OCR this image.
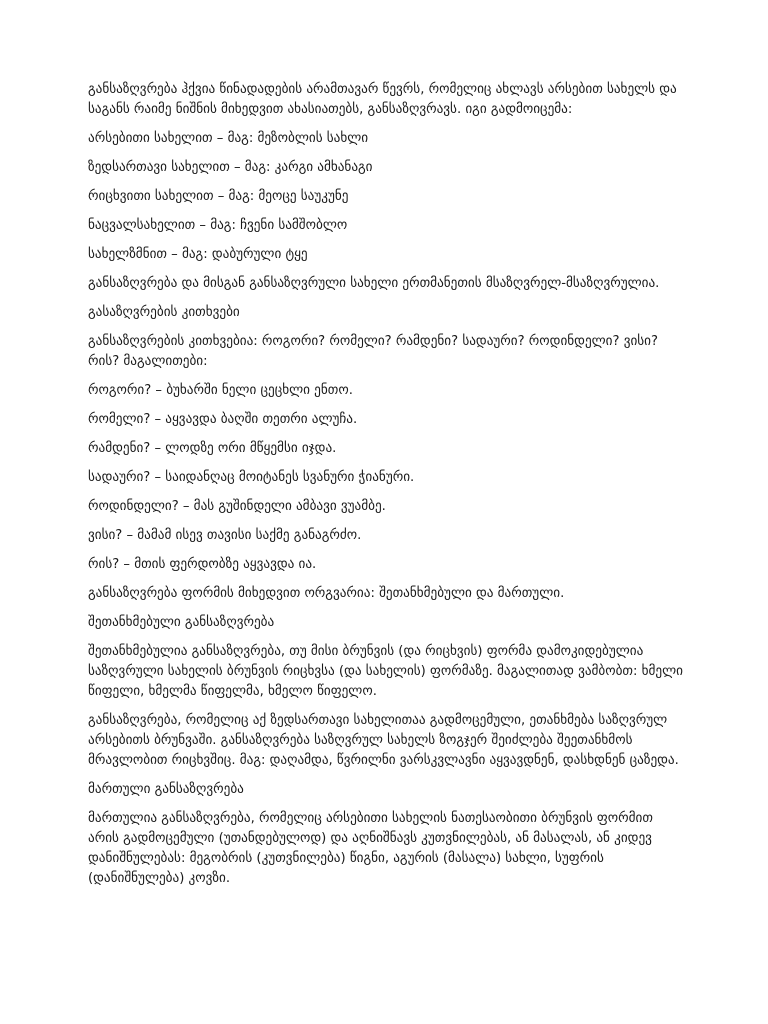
განსაზღვრება ჰქვია წინადადების არამთავარ წევრს, რომელიც ახლავს არსებით სახელს და საგანს რაიმე ნიშნის მიხედვით ახასიათებს, განსაზღვრავს. იგი გადმოიცემა:

არსებითი სახელით – მაგ: მეზობლის სახლი

ზედსართავი სახელით – მაგ: კარგი ამხანაგი

რიცხვითი სახელით – მაგ: მეოცე საუკუნე

ნაცვალსახელით – მაგ: ჩვენი სამშობლო

სახელზმნით – მაგ: დაბურული ტყე

განსაზღვრება და მისგან განსაზღვრული სახელი ერთმანეთის მსაზღვრელ-მსაზღვრულია.

გასაზღვრების კითხვები

განსაზღვრების კითხვებია: როგორი? რომელი? რამდენი? სადაური? როდინდელი? ვისი? რის? მაგალითები:

როგორი? – ბუხარში ნელი ცეცხლი ენთო.

რომელი? – აყვავდა ბაღში თეთრი ალუჩა.

რამდენი? – ლოდზე ორი მწყემსი იჯდა.

სადაური? – საიდანღაც მოიტანეს სვანური ჭიანური.

როდინდელი? – მას გუშინდელი ამბავი ვუამბე.

ვისი? – მამამ ისევ თავისი საქმე განაგრძო.

რის? – მთის ფერდობზე აყვავდა ია.

განსაზღვრება ფორმის მიხედვით ორგვარია: შეთანხმებული და მართული.

შეთანხმებული განსაზღვრება

შეთანხმებულია განსაზღვრება, თუ მისი ბრუნვის (და რიცხვის) ფორმა დამოკიდებულია საზღვრული სახელის ბრუნვის რიცხვსა (და სახელის) ფორმაზე. მაგალითად ვამბობთ: ხმელი წიფელი, ხმელმა წიფელმა, ხმელო წიფელო.

განსაზღვრება, რომელიც აქ ზედსართავი სახელითაა გადმოცემული, ეთანხმება საზღვრულ არსებითს ბრუნვაში. განსაზღვრება საზღვრულ სახელს ზოგჯერ შეიძლება შეეთანხმოს მრავლობით რიცხვშიც. მაგ: დაღამდა, წვრილნი ვარსკვლავნი აყვავდნენ, დასხდნენ ცაზედა.

მართული განსაზღვრება

მართულია განსაზღვრება, რომელიც არსებითი სახელის ნათესაობითი ბრუნვის ფორმით არის გადმოცემული (უთანდებულოდ) და აღნიშნავს კუთვნილებას, ან მასალას, ან კიდევ დანიშნულებას: მეგობრის (კუთვნილება) წიგნი, აგურის (მასალა) სახლი, სუფრის (დანიშნულება) კოვზი.
